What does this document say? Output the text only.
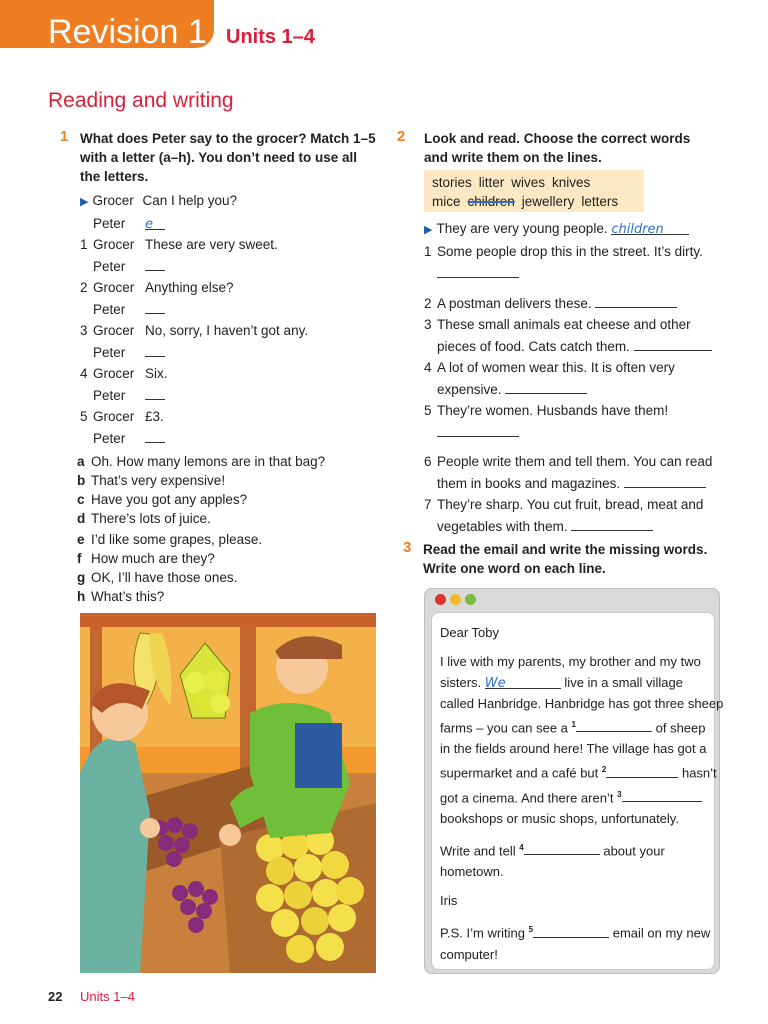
Revision 1 Units 1–4
Reading and writing
1 What does Peter say to the grocer? Match 1–5
with a letter (a–h). You don’t need to use all
the letters.
▶ Grocer Can I help you?
Peter e
1 Grocer These are very sweet.
Peter
2 Grocer Anything else?
Peter
3 Grocer No, sorry, I haven’t got any.
Peter
4 Grocer Six.
Peter
5 Grocer £3.
Peter
a Oh. How many lemons are in that bag?
b That’s very expensive!
c Have you got any apples?
d There’s lots of juice.
e I’d like some grapes, please.
f How much are they?
g OK, I’ll have those ones.
h What’s this?
2 Look and read. Choose the correct words
and write them on the lines.
stories litter wives knives
mice children jewellery letters
▶ They are very young people. children
1 Some people drop this in the street. It’s dirty.
2 A postman delivers these.
3 These small animals eat cheese and other
pieces of food. Cats catch them.
4 A lot of women wear this. It is often very
expensive.
5 They’re women. Husbands have them!
6 People write them and tell them. You can read
them in books and magazines.
7 They’re sharp. You cut fruit, bread, meat and
vegetables with them.
3 Read the email and write the missing words.
Write one word on each line.
Dear Toby
I live with my parents, my brother and my two
sisters. We	live in a small village
called Hanbridge. Hanbridge has got three sheep
farms – you can see a $^1$	of sheep
in the fields around here! The village has got a
supermarket and a café but $^2$	hasn’t
got a cinema. And there aren’t $^3$
bookshops or music shops, unfortunately.
Write and tell $^4$	about your
hometown.
Iris
P.S. I’m writing $^5$	email on my new
computer!
22 Units 1–4
